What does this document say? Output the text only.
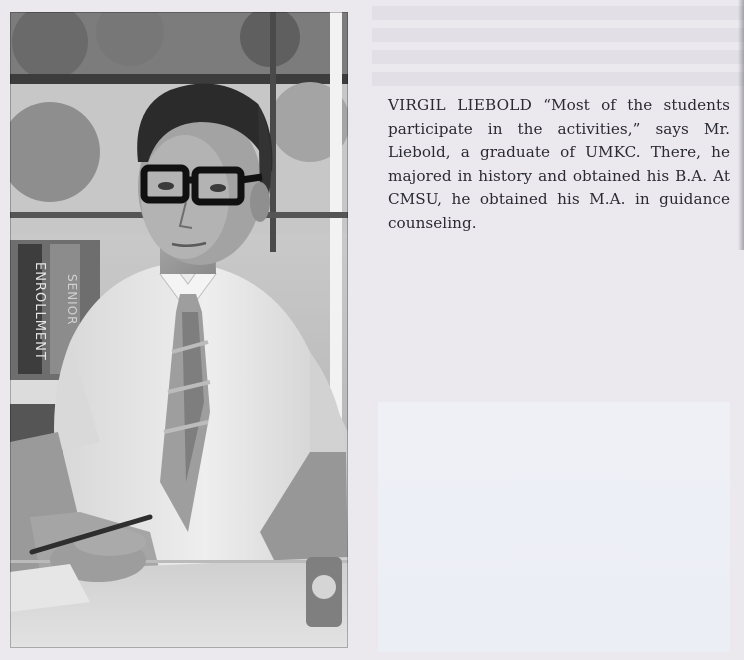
ENROLLMENT SENIOR
VIRGIL LIEBOLD “Most of the students participate in the activities,” says Mr. Liebold, a graduate of UMKC. There, he majored in history and obtained his B.A. At CMSU, he obtained his M.A. in guidance counseling.
